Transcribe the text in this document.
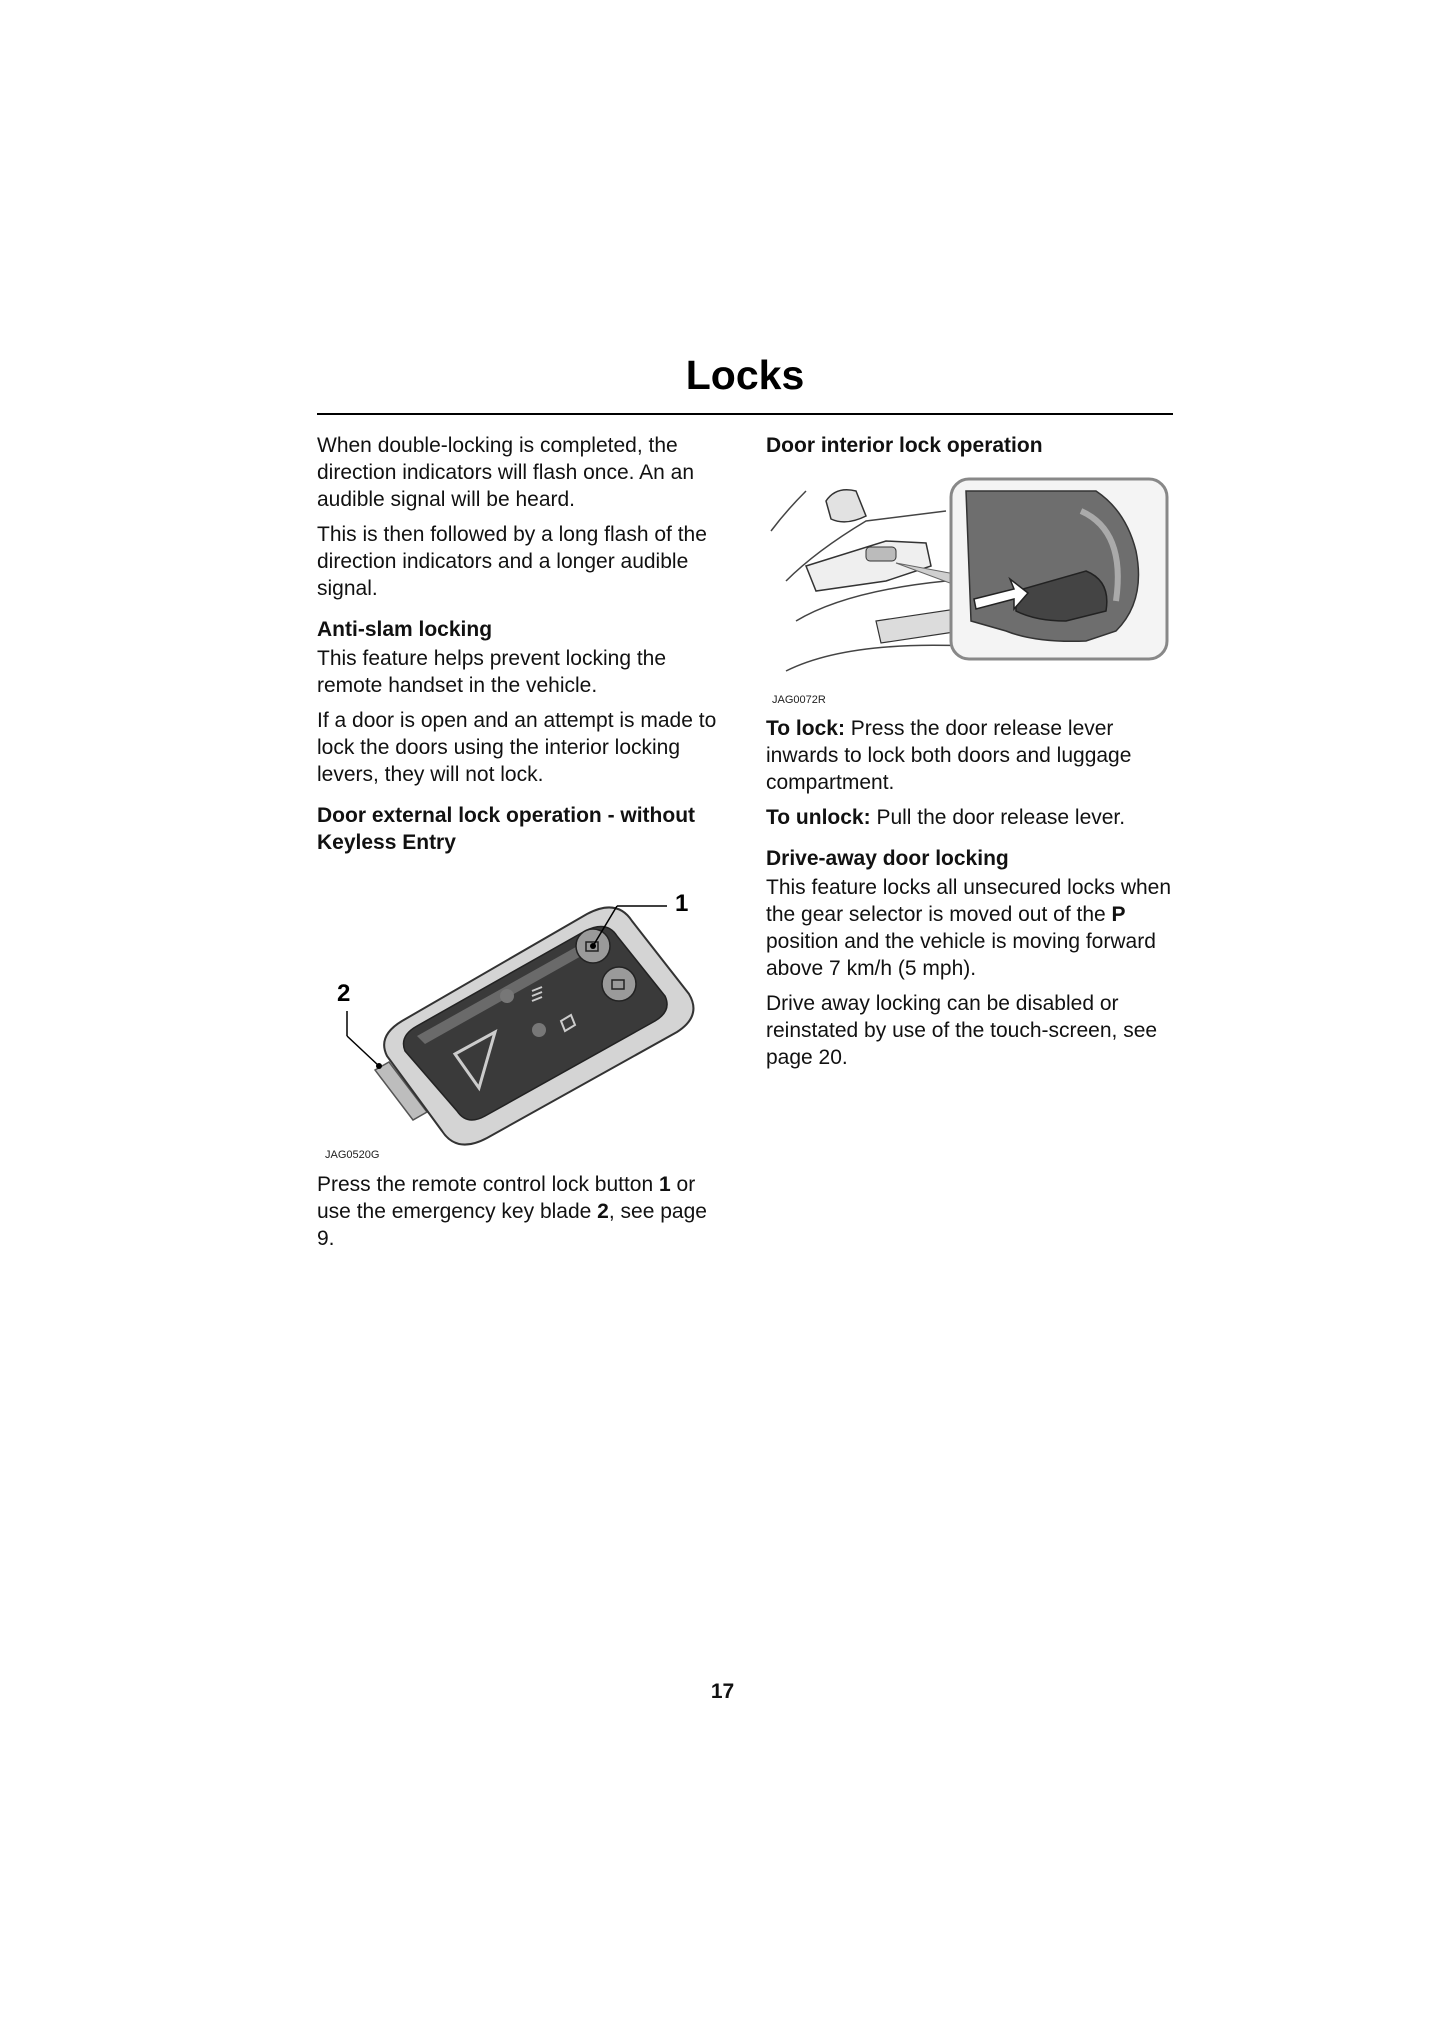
Locks

When double-locking is completed, the direction indicators will flash once. An an audible signal will be heard.

This is then followed by a long flash of the direction indicators and a longer audible signal.

Anti-slam locking

This feature helps prevent locking the remote handset in the vehicle.

If a door is open and an attempt is made to lock the doors using the interior locking levers, they will not lock.

Door external lock operation - without Keyless Entry
1
2
JAG0520G

Press the remote control lock button 1 or use the emergency key blade 2, see page 9.

Door interior lock operation
JAG0072R

To lock: Press the door release lever inwards to lock both doors and luggage compartment.

To unlock: Pull the door release lever.

Drive-away door locking

This feature locks all unsecured locks when the gear selector is moved out of the P position and the vehicle is moving forward above 7 km/h (5 mph).

Drive away locking can be disabled or reinstated by use of the touch-screen, see page 20.

17
